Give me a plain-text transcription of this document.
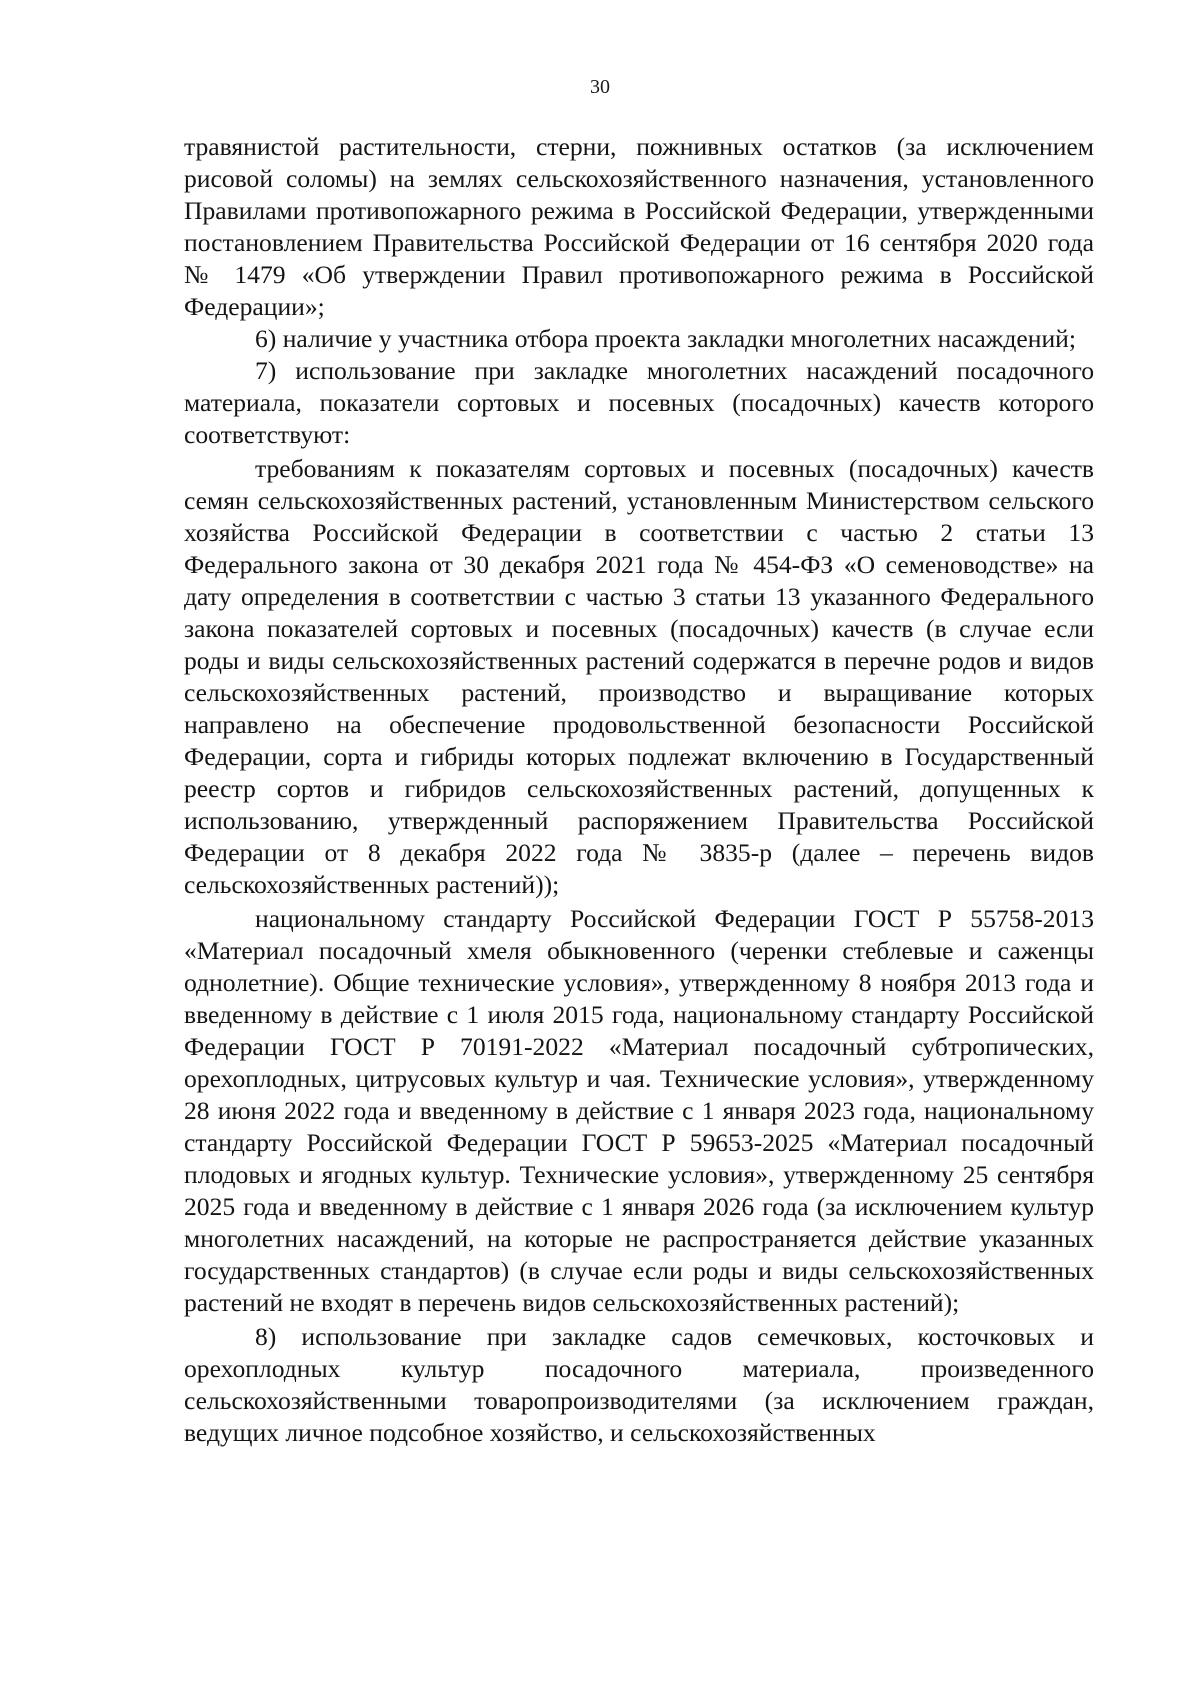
30

травянистой растительности, стерни, пожнивных остатков (за исключением рисовой соломы) на землях сельскохозяйственного назначения, установленного Правилами противопожарного режима в Российской Федерации, утвержденными постановлением Правительства Российской Федерации от 16 сентября 2020 года № 1479 «Об утверждении Правил противопожарного режима в Российской Федерации»;

6) наличие у участника отбора проекта закладки многолетних насаждений;

7) использование при закладке многолетних насаждений посадочного материала, показатели сортовых и посевных (посадочных) качеств которого соответствуют:

требованиям к показателям сортовых и посевных (посадочных) качеств семян сельскохозяйственных растений, установленным Министерством сельского хозяйства Российской Федерации в соответствии с частью 2 статьи 13 Федерального закона от 30 декабря 2021 года № 454-ФЗ «О семеноводстве» на дату определения в соответствии с частью 3 статьи 13 указанного Федерального закона показателей сортовых и посевных (посадочных) качеств (в случае если роды и виды сельскохозяйственных растений содержатся в перечне родов и видов сельскохозяйственных растений, производство и выращивание которых направлено на обеспечение продовольственной безопасности Российской Федерации, сорта и гибриды которых подлежат включению в Государственный реестр сортов и гибридов сельскохозяйственных растений, допущенных к использованию, утвержденный распоряжением Правительства Российской Федерации от 8 декабря 2022 года № 3835-р (далее – перечень видов сельскохозяйственных растений));

национальному стандарту Российской Федерации ГОСТ Р 55758-2013 «Материал посадочный хмеля обыкновенного (черенки стеблевые и саженцы однолетние). Общие технические условия», утвержденному 8 ноября 2013 года и введенному в действие с 1 июля 2015 года, национальному стандарту Российской Федерации ГОСТ Р 70191-2022 «Материал посадочный субтропических, орехоплодных, цитрусовых культур и чая. Технические условия», утвержденному 28 июня 2022 года и введенному в действие с 1 января 2023 года, национальному стандарту Российской Федерации ГОСТ Р 59653-2025 «Материал посадочный плодовых и ягодных культур. Технические условия», утвержденному 25 сентября 2025 года и введенному в действие с 1 января 2026 года (за исключением культур многолетних насаждений, на которые не распространяется действие указанных государственных стандартов) (в случае если роды и виды сельскохозяйственных растений не входят в перечень видов сельскохозяйственных растений);

8) использование при закладке садов семечковых, косточковых и орехоплодных культур посадочного материала, произведенного сельскохозяйственными товаропроизводителями (за исключением граждан, ведущих личное подсобное хозяйство, и сельскохозяйственных
